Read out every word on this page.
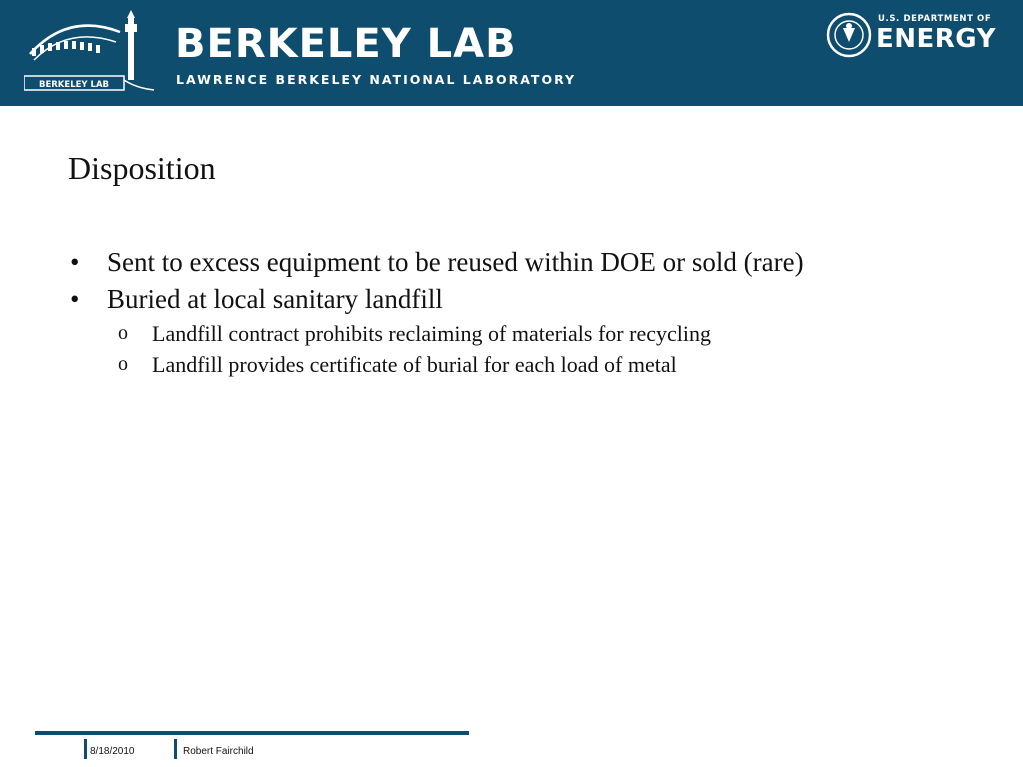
BERKELEY LAB
BERKELEY LAB
LAWRENCE BERKELEY NATIONAL LABORATORY
U.S. DEPARTMENT OF
ENERGY
Disposition
• Sent to excess equipment to be reused within DOE or sold (rare)
• Buried at local sanitary landfill
o Landfill contract prohibits reclaiming of materials for recycling
o Landfill provides certificate of burial for each load of metal
8/18/2010	Robert Fairchild
